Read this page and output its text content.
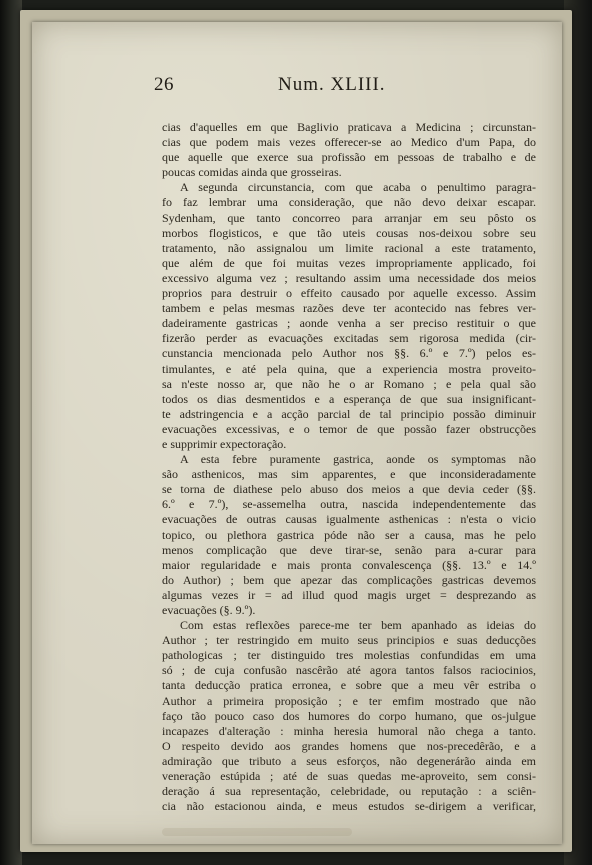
26	Num. XLIII.
cias d'aquelles em que Baglivio praticava a Medicina ; circunstan-
cias que podem mais vezes offerecer-se ao Medico d'um Papa, do
que aquelle que exerce sua profissão em pessoas de trabalho e de
poucas comidas ainda que grosseiras.
A segunda circunstancia, com que acaba o penultimo paragra-
fo faz lembrar uma consideração, que não devo deixar escapar.
Sydenham, que tanto concorreo para arranjar em seu pôsto os
morbos flogisticos, e que tão uteis cousas nos-deixou sobre seu
tratamento, não assignalou um limite racional a este tratamento,
que além de que foi muitas vezes impropriamente applicado, foi
excessivo alguma vez ; resultando assim uma necessidade dos meios
proprios para destruir o effeito causado por aquelle excesso. Assim
tambem e pelas mesmas razões deve ter acontecido nas febres ver-
dadeiramente gastricas ; aonde venha a ser preciso restituir o que
fizerão perder as evacuações excitadas sem rigorosa medida (cir-
cunstancia mencionada pelo Author nos §§. 6.º e 7.º) pelos es-
timulantes, e até pela quina, que a experiencia mostra proveito-
sa n'este nosso ar, que não he o ar Romano ; e pela qual são
todos os dias desmentidos e a esperança de que sua insignificant-
te adstringencia e a acção parcial de tal principio possão diminuir
evacuações excessivas, e o temor de que possão fazer obstrucções
e supprimir expectoração.
A esta febre puramente gastrica, aonde os symptomas não
são asthenicos, mas sim apparentes, e que inconsideradamente
se torna de diathese pelo abuso dos meios a que devia ceder (§§.
6.º e 7.º), se-assemelha outra, nascida independentemente das
evacuações de outras causas igualmente asthenicas : n'esta o vicio
topico, ou plethora gastrica póde não ser a causa, mas he pelo
menos complicação que deve tirar-se, senão para a-curar para
maior regularidade e mais pronta convalescença (§§. 13.º e 14.º
do Author) ; bem que apezar das complicações gastricas devemos
algumas vezes ir = ad illud quod magis urget = desprezando as
evacuações (§. 9.º).
Com estas reflexões parece-me ter bem apanhado as ideias do
Author ; ter restringido em muito seus principios e suas deducções
pathologicas ; ter distinguido tres molestias confundidas em uma
só ; de cuja confusão nascêrão até agora tantos falsos raciocinios,
tanta deducção pratica erronea, e sobre que a meu vêr estriba o
Author a primeira proposição ; e ter emfim mostrado que não
faço tão pouco caso dos humores do corpo humano, que os-julgue
incapazes d'alteração : minha heresia humoral não chega a tanto.
O respeito devido aos grandes homens que nos-precedêrão, e a
admiração que tributo a seus esforços, não degenerárão ainda em
veneração estúpida ; até de suas quedas me-aproveito, sem consi-
deração á sua representação, celebridade, ou reputação : a sciên-
cia não estacionou ainda, e meus estudos se-dirigem a verificar,
